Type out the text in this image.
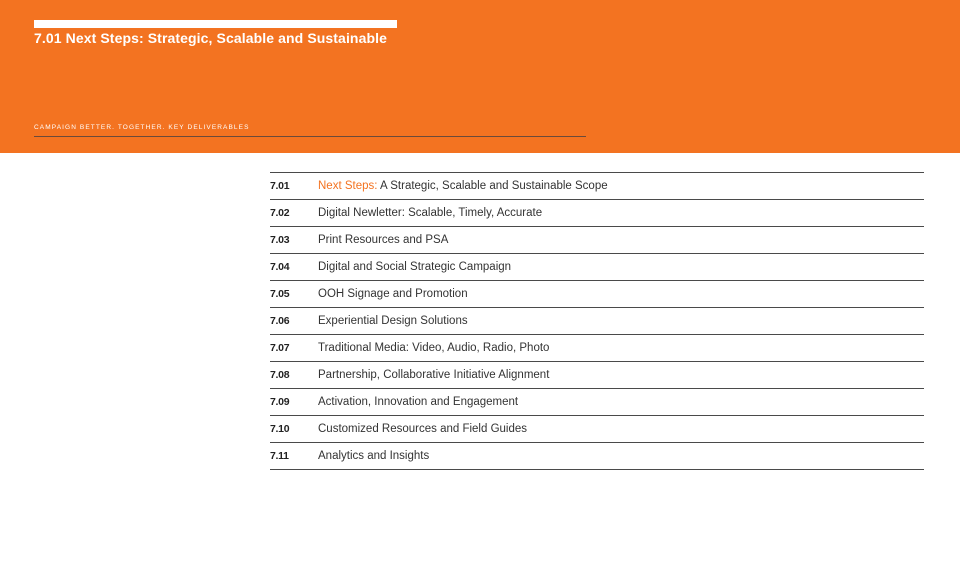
7.01 Next Steps: Strategic, Scalable and Sustainable
CAMPAIGN BETTER. TOGETHER. KEY DELIVERABLES
7.01	Next Steps: A Strategic, Scalable and Sustainable Scope
7.02	Digital Newletter: Scalable, Timely, Accurate
7.03	Print Resources and PSA
7.04	Digital and Social Strategic Campaign
7.05	OOH Signage and Promotion
7.06	Experiential Design Solutions
7.07	Traditional Media: Video, Audio, Radio, Photo
7.08	Partnership, Collaborative Initiative Alignment
7.09	Activation, Innovation and Engagement
7.10	Customized Resources and Field Guides
7.11	Analytics and Insights
